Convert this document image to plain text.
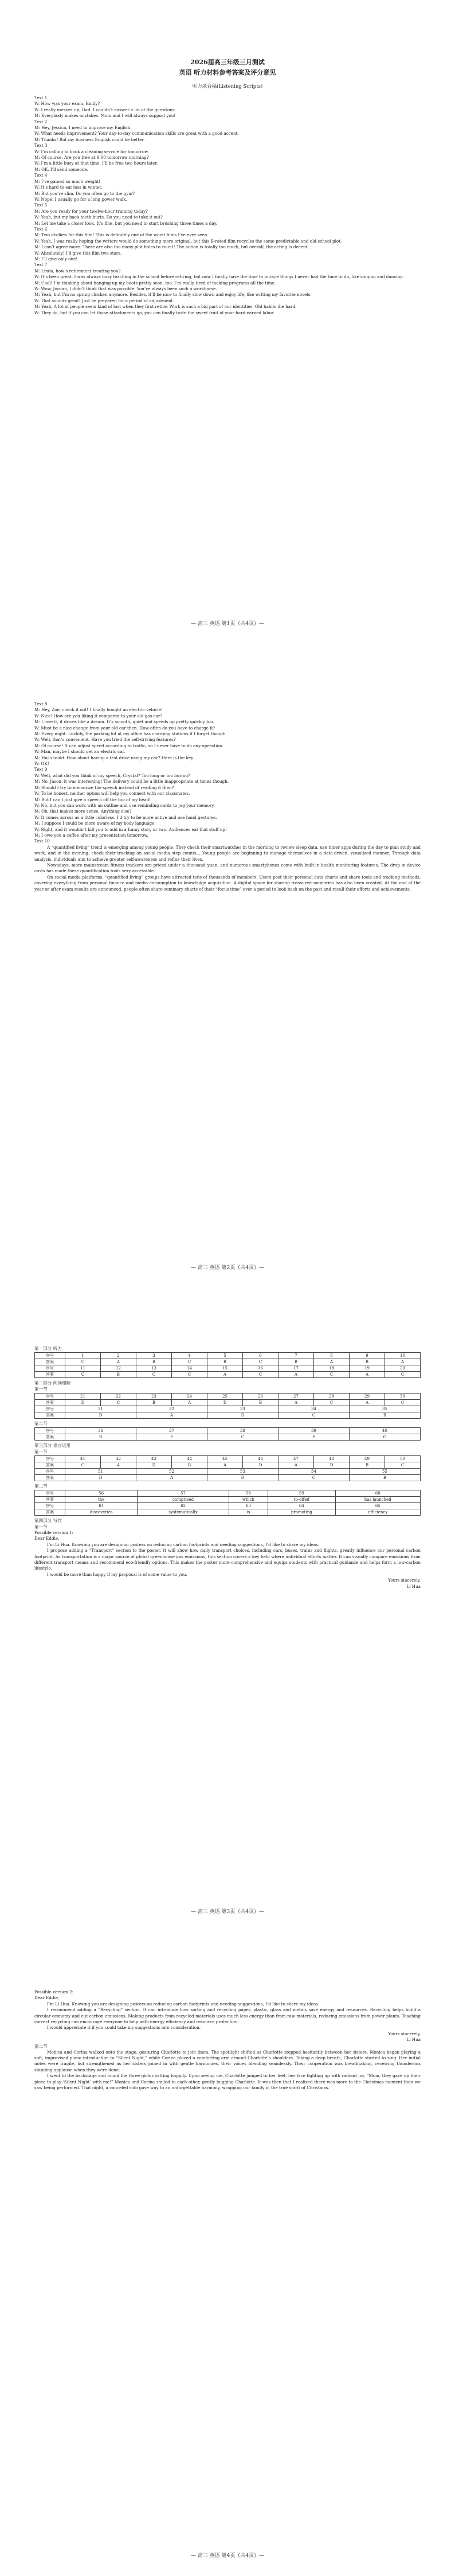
2026届高三年级三月测试
英语 听力材料参考答案及评分意见
听力录音稿(Listening Scripts)

Text 1

W: How was your exam, Emily?

W: I really messed up, Dad. I couldn’t answer a lot of the questions.

M: Everybody makes mistakes. Mum and I will always support you!

Text 2

M: Hey, Jessica, I need to improve my English.

W: What needs improvement? Your day-to-day communication skills are great with a good accent.

M: Thanks! But my business English could be better.

Text 3

W: I’m calling to book a cleaning service for tomorrow.

M: Of course. Are you free at 9:00 tomorrow morning?

W: I’m a little busy at that time. I’ll be free two hours later.

M: OK. I’ll send someone.

Text 4

M: I’ve gained so much weight!

W: It’s hard to eat less in winter.

M: But you’re slim. Do you often go to the gym?

W: Nope, I usually go for a long power walk.

Text 5

M: Are you ready for your twelve-hour training today?

W: Yeah, but my back teeth hurts. Do you need to take it out?

M: Let me take a closer look. It’s fine, but you need to start brushing three times a day.

Text 6

M: Two dislikes for this film! This is definitely one of the worst films I’ve ever seen.

W: Yeah, I was really hoping the writers would do something more original, but this B-rated film recycles the same predictable and old-school plot.

M: I can’t agree more. There are also too many plot holes to count! The action is totally too much, but overall, the acting is decent.

W: Absolutely! I’d give this film two stars.

M: I’ll give only one!

Text 7

M: Linda, how’s retirement treating you?

W: It’s been great. I was always busy teaching in the school before retiring, but now I finally have the time to pursue things I never had the time to do, like singing and dancing.

M: Cool! I’m thinking about hanging up my boots pretty soon, too. I’m really tired of making programs all the time.

W: Wow, Jordan, I didn’t think that was possible. You’ve always been such a workhorse.

M: Yeah, but I’m no spring chicken anymore. Besides, it’ll be nice to finally slow down and enjoy life, like writing my favorite novels.

W: That sounds great! Just be prepared for a period of adjustment.

M: Yeah. A lot of people seem kind of lost when they first retire. Work is such a big part of our identities. Old habits die hard.

W: They do, but if you can let those attachments go, you can finally taste the sweet fruit of your hard-earned labor.

— 高三 英语 第1页（共4页）—

Text 8

M: Hey, Zoe, check it out! I finally bought an electric vehicle!

W: Nice! How are you liking it compared to your old gas car?

M: I love it, it drives like a dream. It’s smooth, quiet and speeds up pretty quickly too.

W: Must be a nice change from your old car then. How often do you have to charge it?

M: Every night. Luckily, the parking lot at my office has charging stations if I forget though.

W: Well, that’s convenient. Have you tried the self-driving features?

M: Of course! It can adjust speed according to traffic, so I never have to do any operation.

W: Man, maybe I should get an electric car.

M: You should. How about having a test drive using my car? Here is the key.

W: OK!

Text 9

W: Well, what did you think of my speech, Crystal? Too long or too boring?

M: No, Jason, it was interesting! The delivery could be a little inappropriate at times though.

M: Should I try to memorize the speech instead of reading it then?

W: To be honest, neither option will help you connect with our classmates.

M: But I can’t just give a speech off the top of my head!

W: No, but you can work with an outline and use reminding cards to jog your memory.

M: Oh, that makes more sense. Anything else?

W: It comes across as a little colorless. I’d try to be more active and use hand gestures.

M: I suppose I could be more aware of my body language.

W: Right, and it wouldn’t kill you to add in a funny story or two. Audiences eat that stuff up!

M: I owe you a coffee after my presentation tomorrow.

Text 10

A “quantified living” trend is emerging among young people. They check their smartwatches in the morning to review sleep data, use timer apps during the day to plan study and work, and in the evening, check their tracking on social media step counts… Young people are beginning to manage themselves in a data-driven, visualized manner. Through data analysis, individuals aim to achieve greater self-awareness and refine their lives.

Nowadays, more mainstream fitness trackers are priced under a thousand yuan, and numerous smartphones come with built-in health monitoring features. The drop in device costs has made these quantification tools very accessible.

On social media platforms, “quantified living” groups have attracted tens of thousands of members. Users post their personal data charts and share tools and tracking methods, covering everything from personal finance and media consumption to knowledge acquisition. A digital space for sharing treasured memories has also been created. At the end of the year or after exam results are announced, people often share summary charts of their “focus time” over a period to look back on the past and recall their efforts and achievements.

— 高三 英语 第2页（共4页）—
第一部分 听力
序号	1	2	3	4	5	6	7	8	9	10
答案	C	A	B	C	B	C	B	A	B	A
序号	11	12	13	14	15	16	17	18	19	20
答案	C	B	C	C	A	C	A	C	A	C
第二部分 阅读理解
第一节
序号	21	22	23	24	25	26	27	28	29	30
答案	D	C	B	A	D	B	A	C	A	C
序号	31		32		33		34		35	
答案	D		A		D		C		B	
第二节
序号	36	37	38	39	40
答案	B	E	C	F	G
第三部分 语言运用
第一节
序号	41	42	43	44	45	46	47	48	49	50
答案	C	A	D	B	A	D	A	D	B	C
序号	51		52		53		54		55	
答案	D		A		D		C		B	
第二节
序号	56	57	58	59	60
答案	the	comprised	which	to-offed	has launched
序号	61	62	63	64	65
答案	discoveries	systematically	is	promoting	efficiency
第四部分 写作
第一节

Possible version 1:

Dear Eddie,

I’m Li Hua. Knowing you are designing posters on reducing carbon footprints and needing suggestions, I’d like to share my ideas.

I propose adding a “Transport” section to the poster. It will show how daily transport choices, including cars, buses, trains and flights, greatly influence our personal carbon footprint. As transportation is a major source of global greenhouse gas emissions, this section covers a key field where individual efforts matter. It can visually compare emissions from different transport means and recommend eco-friendly options. This makes the poster more comprehensive and equips students with practical guidance and helps form a low-carbon lifestyle.

I would be more than happy if my proposal is of some value to you.

Yours sincerely,

Li Hua

— 高三 英语 第3页（共4页）—

Possible version 2:

Dear Eddie,

I’m Li Hua. Knowing you are designing posters on reducing carbon footprints and needing suggestions, I’d like to share my ideas.

I recommend adding a “Recycling” section. It can introduce how sorting and recycling paper, plastic, glass and metals save energy and resources. Recycling helps build a circular economy and cut carbon emissions. Making products from recycled materials uses much less energy than from raw materials, reducing emissions from power plants. Teaching correct recycling can encourage everyone to help with energy efficiency and resource protection.

I would appreciate it if you could take my suggestions into consideration.

Yours sincerely,

Li Hua

第二节

Monica and Corina walked onto the stage, gesturing Charlotte to join them. The spotlight shifted as Charlotte stepped hesitantly between her sisters. Monica began playing a soft, improvised piano introduction to “Silent Night,” while Corina placed a comforting arm around Charlotte’s shoulders. Taking a deep breath, Charlotte started to sing. Her initial notes were fragile, but strengthened as her sisters joined in with gentle harmonies, their voices blending seamlessly. Their cooperation was breathtaking, receiving thunderous standing applause when they were done.

I went to the backstage and found the three girls chatting happily. Upon seeing me, Charlotte jumped to her feet, her face lighting up with radiant joy. “Mom, they gave up their piece to play ‘Silent Night’ with me!” Monica and Corina smiled to each other, gently hugging Charlotte. It was then that I realized there was more to the Christmas moment than we saw being performed. That night, a canceled solo gave way to an unforgettable harmony, wrapping our family in the true spirit of Christmas.

— 高三 英语 第4页（共4页）—
